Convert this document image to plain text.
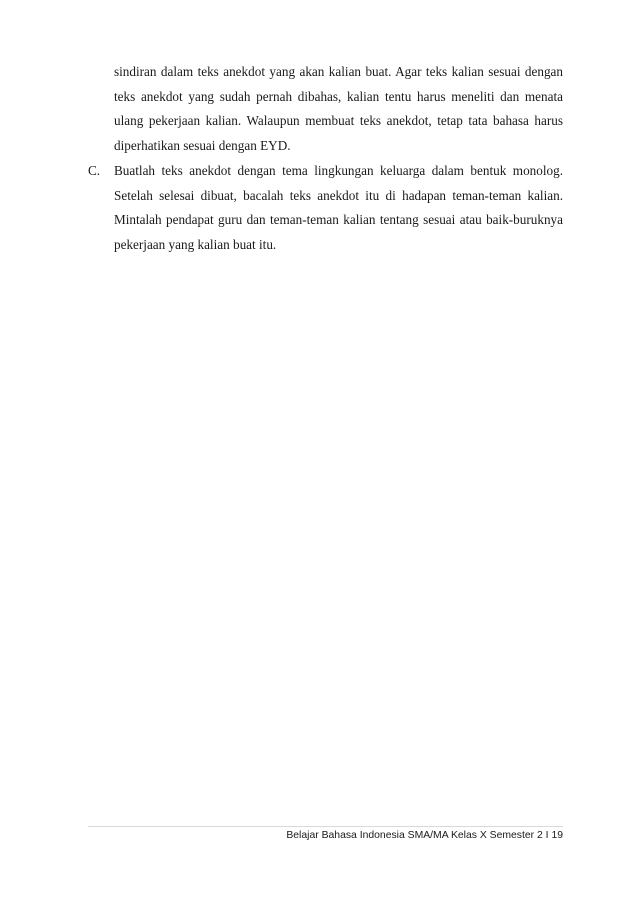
sindiran dalam teks anekdot yang akan kalian buat. Agar teks kalian sesuai dengan teks anekdot yang sudah pernah dibahas, kalian tentu harus meneliti dan menata ulang pekerjaan kalian. Walaupun membuat teks anekdot, tetap tata bahasa harus diperhatikan sesuai dengan EYD.

C.	Buatlah teks anekdot dengan tema lingkungan keluarga dalam bentuk monolog. Setelah selesai dibuat, bacalah teks anekdot itu di hadapan teman-teman kalian. Mintalah pendapat guru dan teman-teman kalian tentang sesuai atau baik-buruknya pekerjaan yang kalian buat itu.

Belajar Bahasa Indonesia SMA/MA Kelas X Semester 2 I 19
